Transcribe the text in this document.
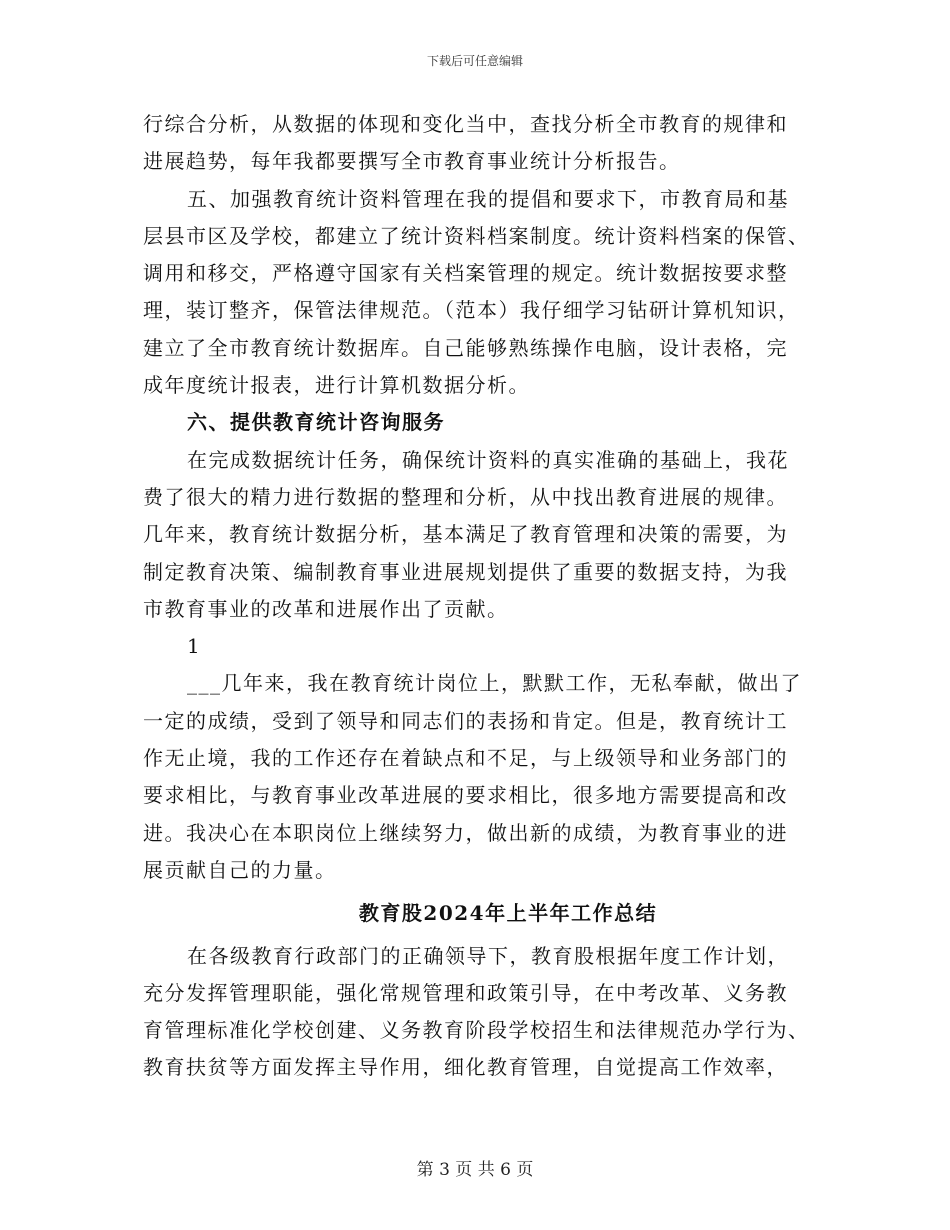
下载后可任意编辑

行综合分析，从数据的体现和变化当中，查找分析全市教育的规律和
进展趋势，每年我都要撰写全市教育事业统计分析报告。

五、加强教育统计资料管理在我的提倡和要求下，市教育局和基
层县市区及学校，都建立了统计资料档案制度。统计资料档案的保管、
调用和移交，严格遵守国家有关档案管理的规定。统计数据按要求整
理，装订整齐，保管法律规范。（范本）我仔细学习钻研计算机知识，
建立了全市教育统计数据库。自己能够熟练操作电脑，设计表格，完
成年度统计报表，进行计算机数据分析。

六、提供教育统计咨询服务

在完成数据统计任务，确保统计资料的真实准确的基础上，我花
费了很大的精力进行数据的整理和分析，从中找出教育进展的规律。
几年来，教育统计数据分析，基本满足了教育管理和决策的需要，为
制定教育决策、编制教育事业进展规划提供了重要的数据支持，为我
市教育事业的改革和进展作出了贡献。

1

___几年来，我在教育统计岗位上，默默工作，无私奉献，做出了
一定的成绩，受到了领导和同志们的表扬和肯定。但是，教育统计工
作无止境，我的工作还存在着缺点和不足，与上级领导和业务部门的
要求相比，与教育事业改革进展的要求相比，很多地方需要提高和改
进。我决心在本职岗位上继续努力，做出新的成绩，为教育事业的进
展贡献自己的力量。

教育股2024年上半年工作总结

在各级教育行政部门的正确领导下，教育股根据年度工作计划，
充分发挥管理职能，强化常规管理和政策引导，在中考改革、义务教
育管理标准化学校创建、义务教育阶段学校招生和法律规范办学行为、
教育扶贫等方面发挥主导作用，细化教育管理，自觉提高工作效率，

第 3 页 共 6 页
